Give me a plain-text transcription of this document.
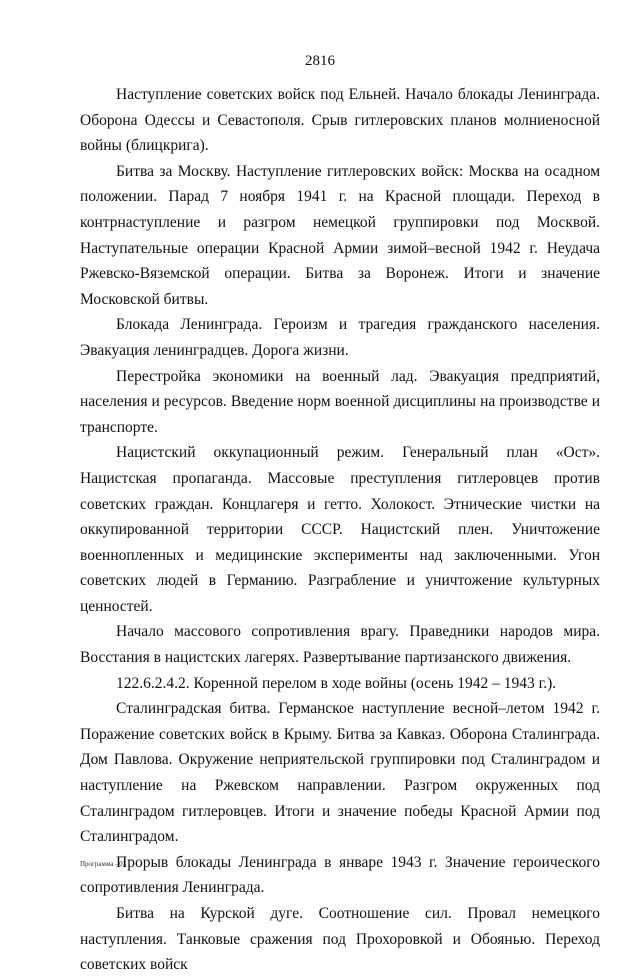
2816

Наступление советских войск под Ельней. Начало блокады Ленинграда. Оборона Одессы и Севастополя. Срыв гитлеровских планов молниеносной войны (блицкрига).

Битва за Москву. Наступление гитлеровских войск: Москва на осадном положении. Парад 7 ноября 1941 г. на Красной площади. Переход в контрнаступление и разгром немецкой группировки под Москвой. Наступательные операции Красной Армии зимой–весной 1942 г. Неудача Ржевско-Вяземской операции. Битва за Воронеж. Итоги и значение Московской битвы.

Блокада Ленинграда. Героизм и трагедия гражданского населения. Эвакуация ленинградцев. Дорога жизни.

Перестройка экономики на военный лад. Эвакуация предприятий, населения и ресурсов. Введение норм военной дисциплины на производстве и транспорте.

Нацистский оккупационный режим. Генеральный план «Ост». Нацистская пропаганда. Массовые преступления гитлеровцев против советских граждан. Концлагеря и гетто. Холокост. Этнические чистки на оккупированной территории СССР. Нацистский плен. Уничтожение военнопленных и медицинские эксперименты над заключенными. Угон советских людей в Германию. Разграбление и уничтожение культурных ценностей.

Начало массового сопротивления врагу. Праведники народов мира. Восстания в нацистских лагерях. Развертывание партизанского движения.

122.6.2.4.2. Коренной перелом в ходе войны (осень 1942 – 1943 г.).

Сталинградская битва. Германское наступление весной–летом 1942 г. Поражение советских войск в Крыму. Битва за Кавказ. Оборона Сталинграда. Дом Павлова. Окружение неприятельской группировки под Сталинградом и наступление на Ржевском направлении. Разгром окруженных под Сталинградом гитлеровцев. Итоги и значение победы Красной Армии под Сталинградом.

Прорыв блокады Ленинграда в январе 1943 г. Значение героического сопротивления Ленинграда.

Битва на Курской дуге. Соотношение сил. Провал немецкого наступления. Танковые сражения под Прохоровкой и Обоянью. Переход советских войск

Программа - 03
